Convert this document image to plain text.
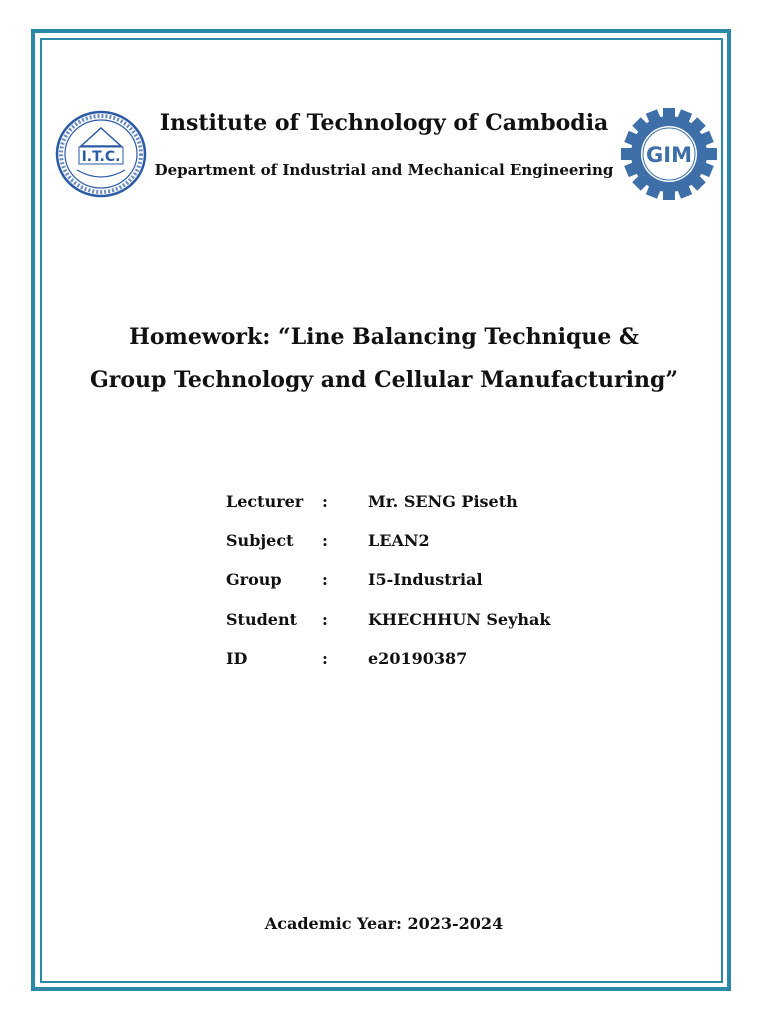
I.T.C.	GIM
Institute of Technology of Cambodia
Department of Industrial and Mechanical Engineering
Homework: “Line Balancing Technique &
Group Technology and Cellular Manufacturing”
Lecturer	:	Mr. SENG Piseth
Subject	:	LEAN2
Group	:	I5-Industrial
Student	:	KHECHHUN Seyhak
ID	:	e20190387
Academic Year: 2023-2024
